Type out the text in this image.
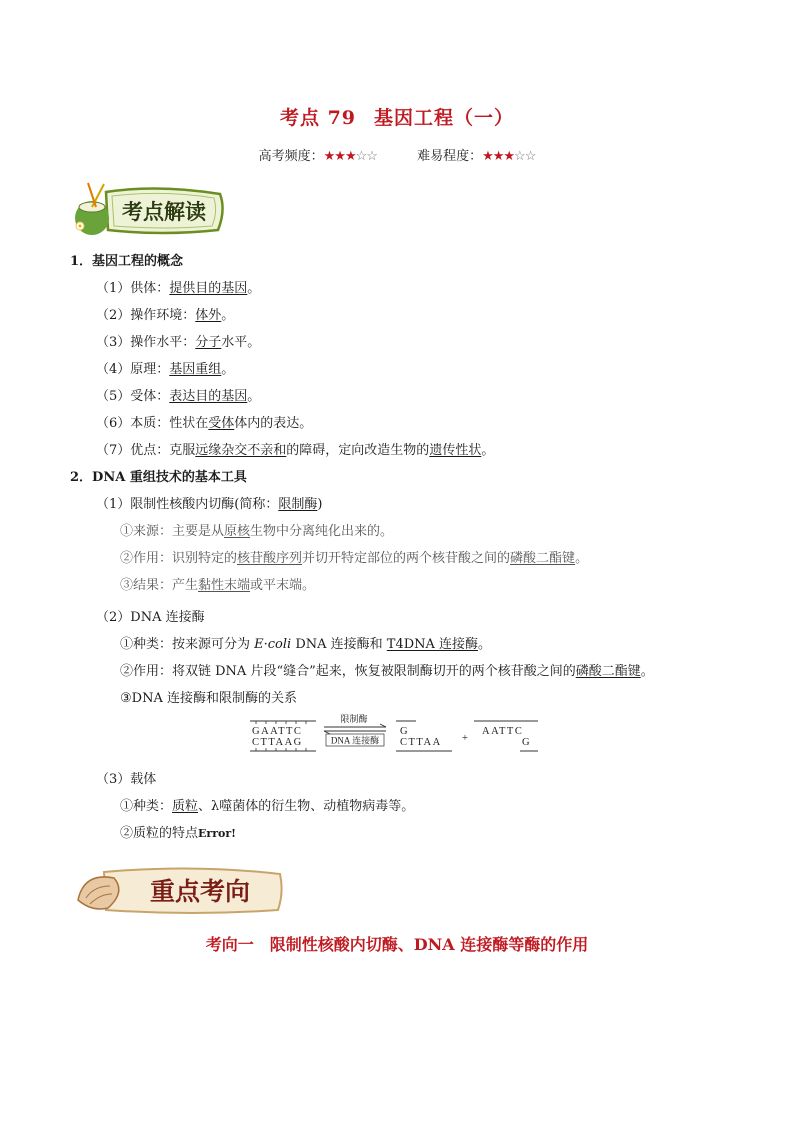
考点 79 基因工程（一）
高考频度：★★★☆☆	难易程度：★★★☆☆
考点解读
1．基因工程的概念
（1）供体：提供目的基因。
（2）操作环境：体外。
（3）操作水平：分子水平。
（4）原理：基因重组。
（5）受体：表达目的基因。
（6）本质：性状在受体体内的表达。
（7）优点：克服远缘杂交不亲和的障碍，定向改造生物的遗传性状。
2．DNA 重组技术的基本工具
（1）限制性核酸内切酶(简称：限制酶)
①来源：主要是从原核生物中分离纯化出来的。
②作用：识别特定的核苷酸序列并切开特定部位的两个核苷酸之间的磷酸二酯键。
③结果：产生黏性末端或平末端。
（2）DNA 连接酶
①种类：按来源可分为 E·coli DNA 连接酶和 T4DNA 连接酶。
②作用：将双链 DNA 片段“缝合”起来，恢复被限制酶切开的两个核苷酸之间的磷酸二酯键。
③DNA 连接酶和限制酶的关系
GAATTC
CTTAAG
限制酶
DNA 连接酶
G
CTTAA +
AATTC
G
（3）载体
①种类：质粒、λ噬菌体的衍生物、动植物病毒等。
②质粒的特点Error!
重点考向
考向一 限制性核酸内切酶、DNA 连接酶等酶的作用
